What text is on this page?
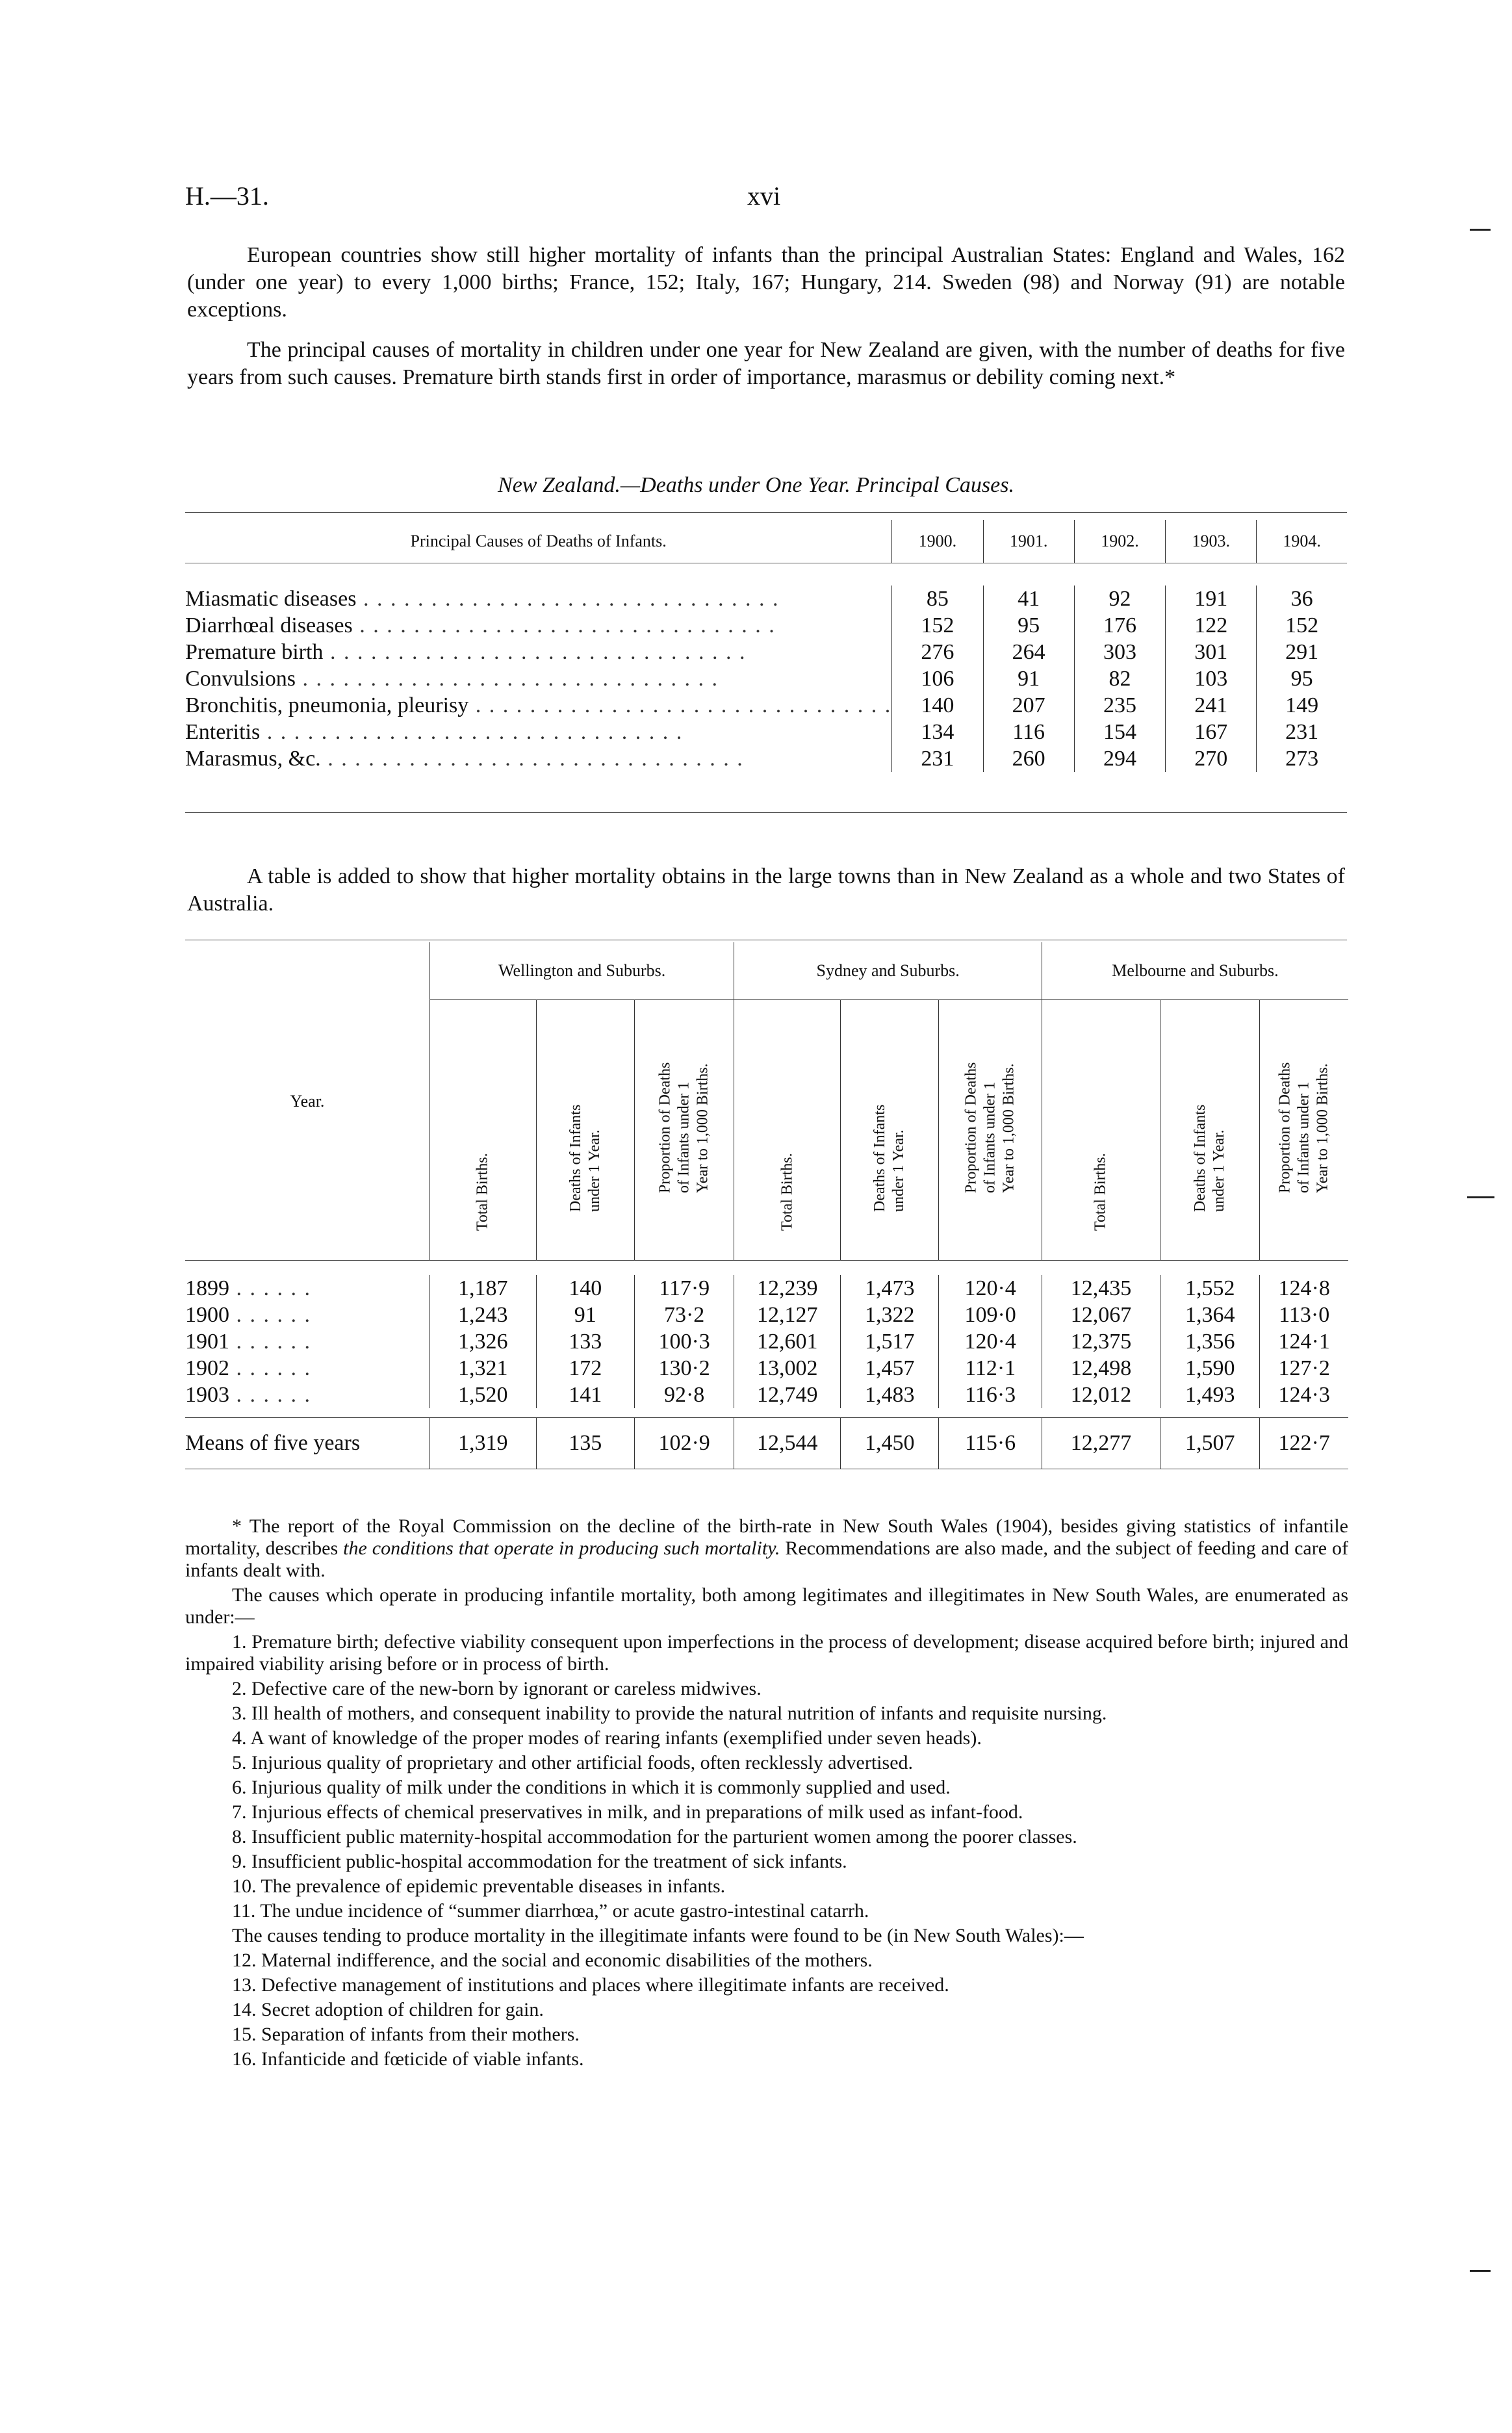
H.—31.	xvi

European countries show still higher mortality of infants than the principal Australian States: England and Wales, 162 (under one year) to every 1,000 births; France, 152; Italy, 167; Hungary, 214. Sweden (98) and Norway (91) are notable exceptions.

The principal causes of mortality in children under one year for New Zealand are given, with the number of deaths for five years from such causes. Premature birth stands first in order of importance, marasmus or debility coming next.*

New Zealand.—Deaths under One Year. Principal Causes.
Principal Causes of Deaths of Infants.	1900.	1901.	1902.	1903.	1904.

Miasmatic diseases . . . . . . . . . . . . . . . . . . . . . . . . . . . . . . .	85	41	92	191	36
Diarrhœal diseases . . . . . . . . . . . . . . . . . . . . . . . . . . . . . . .	152	95	176	122	152
Premature birth . . . . . . . . . . . . . . . . . . . . . . . . . . . . . . .	276	264	303	301	291
Convulsions . . . . . . . . . . . . . . . . . . . . . . . . . . . . . . .	106	91	82	103	95
Bronchitis, pneumonia, pleurisy . . . . . . . . . . . . . . . . . . . . . . . . . . . . . . .	140	207	235	241	149
Enteritis . . . . . . . . . . . . . . . . . . . . . . . . . . . . . . .	134	116	154	167	231
Marasmus, &c. . . . . . . . . . . . . . . . . . . . . . . . . . . . . . . .	231	260	294	270	273

A table is added to show that higher mortality obtains in the large towns than in New Zealand as a whole and two States of Australia.

Year.	Wellington and Suburbs.			Sydney and Suburbs.			Melbourne and Suburbs.		

	Total Births.	Deaths of Infants under 1 Year.	Proportion of Deaths of Infants under 1 Year to 1,000 Births.	Total Births.	Deaths of Infants under 1 Year.	Proportion of Deaths of Infants under 1 Year to 1,000 Births.	Total Births.	Deaths of Infants under 1 Year.	Proportion of Deaths of Infants under 1 Year to 1,000 Births.

1899 . . . . . .	1,187	140	117·9	12,239	1,473	120·4	12,435	1,552	124·8
1900 . . . . . .	1,243	91	73·2	12,127	1,322	109·0	12,067	1,364	113·0
1901 . . . . . .	1,326	133	100·3	12,601	1,517	120·4	12,375	1,356	124·1
1902 . . . . . .	1,321	172	130·2	13,002	1,457	112·1	12,498	1,590	127·2
1903 . . . . . .	1,520	141	92·8	12,749	1,483	116·3	12,012	1,493	124·3

Means of five years	1,319	135	102·9	12,544	1,450	115·6	12,277	1,507	122·7

* The report of the Royal Commission on the decline of the birth-rate in New South Wales (1904), besides giving statistics of infantile mortality, describes the conditions that operate in producing such mortality. Recommendations are also made, and the subject of feeding and care of infants dealt with.

The causes which operate in producing infantile mortality, both among legitimates and illegitimates in New South Wales, are enumerated as under:—

1. Premature birth; defective viability consequent upon imperfections in the process of development; disease acquired before birth; injured and impaired viability arising before or in process of birth.

2. Defective care of the new-born by ignorant or careless midwives.

3. Ill health of mothers, and consequent inability to provide the natural nutrition of infants and requisite nursing.

4. A want of knowledge of the proper modes of rearing infants (exemplified under seven heads).

5. Injurious quality of proprietary and other artificial foods, often recklessly advertised.

6. Injurious quality of milk under the conditions in which it is commonly supplied and used.

7. Injurious effects of chemical preservatives in milk, and in preparations of milk used as infant-food.

8. Insufficient public maternity-hospital accommodation for the parturient women among the poorer classes.

9. Insufficient public-hospital accommodation for the treatment of sick infants.

10. The prevalence of epidemic preventable diseases in infants.

11. The undue incidence of “summer diarrhœa,” or acute gastro-intestinal catarrh.

The causes tending to produce mortality in the illegitimate infants were found to be (in New South Wales):—

12. Maternal indifference, and the social and economic disabilities of the mothers.

13. Defective management of institutions and places where illegitimate infants are received.

14. Secret adoption of children for gain.

15. Separation of infants from their mothers.

16. Infanticide and fœticide of viable infants.
